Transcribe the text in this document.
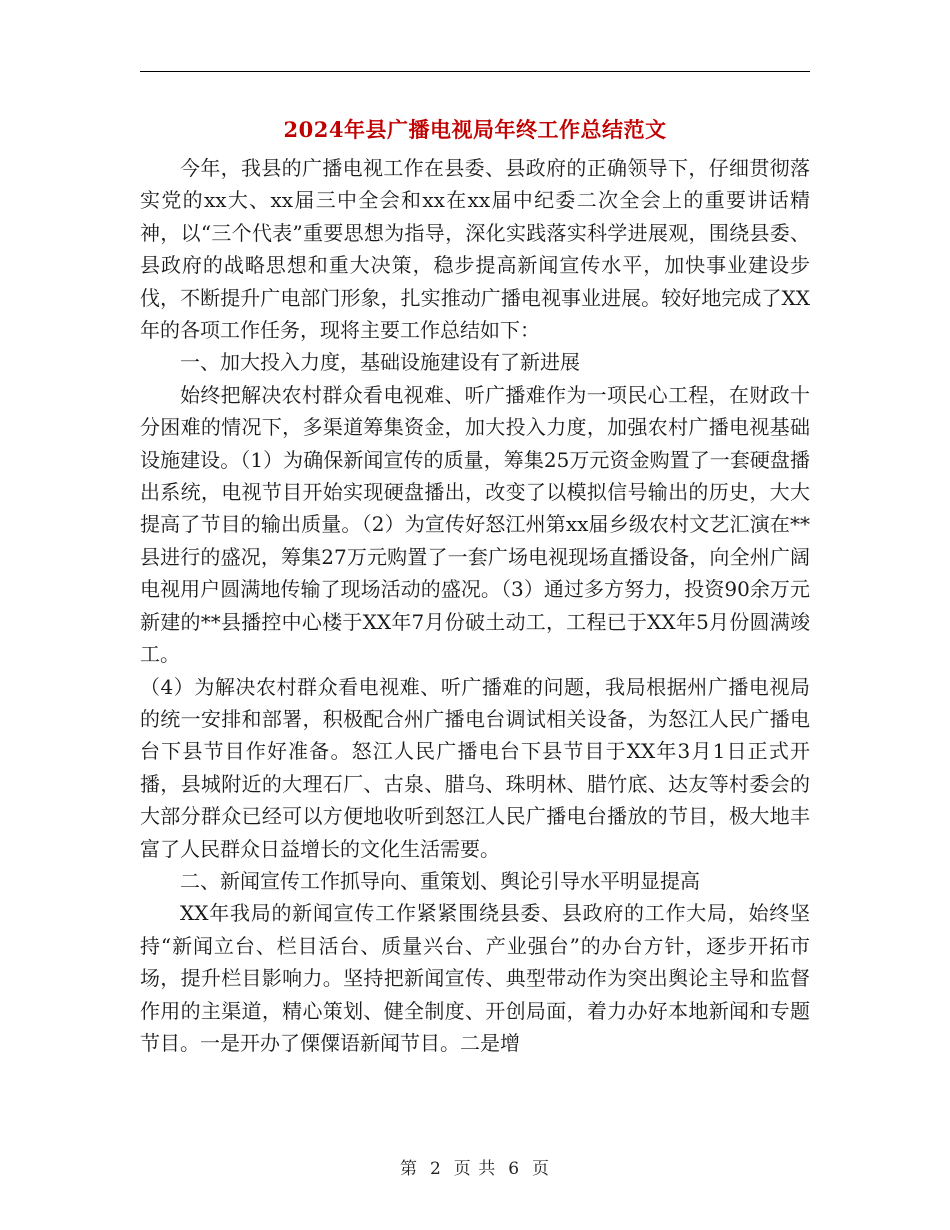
2024年县广播电视局年终工作总结范文

今年，我县的广播电视工作在县委、县政府的正确领导下，仔细贯彻落实党的xx大、xx届三中全会和xx在xx届中纪委二次全会上的重要讲话精神，以“三个代表”重要思想为指导，深化实践落实科学进展观，围绕县委、县政府的战略思想和重大决策，稳步提高新闻宣传水平，加快事业建设步伐，不断提升广电部门形象，扎实推动广播电视事业进展。较好地完成了XX年的各项工作任务，现将主要工作总结如下：

一、加大投入力度，基础设施建设有了新进展

始终把解决农村群众看电视难、听广播难作为一项民心工程，在财政十分困难的情况下，多渠道筹集资金，加大投入力度，加强农村广播电视基础设施建设。（1）为确保新闻宣传的质量，筹集25万元资金购置了一套硬盘播出系统，电视节目开始实现硬盘播出，改变了以模拟信号输出的历史，大大提高了节目的输出质量。（2）为宣传好怒江州第xx届乡级农村文艺汇演在**县进行的盛况，筹集27万元购置了一套广场电视现场直播设备，向全州广阔电视用户圆满地传输了现场活动的盛况。（3）通过多方努力，投资90余万元新建的**县播控中心楼于XX年7月份破土动工，工程已于XX年5月份圆满竣工。

（4）为解决农村群众看电视难、听广播难的问题，我局根据州广播电视局的统一安排和部署，积极配合州广播电台调试相关设备，为怒江人民广播电台下县节目作好准备。怒江人民广播电台下县节目于XX年3月1日正式开播，县城附近的大理石厂、古泉、腊乌、珠明林、腊竹底、达友等村委会的大部分群众已经可以方便地收听到怒江人民广播电台播放的节目，极大地丰富了人民群众日益增长的文化生活需要。

二、新闻宣传工作抓导向、重策划、舆论引导水平明显提高

XX年我局的新闻宣传工作紧紧围绕县委、县政府的工作大局，始终坚持“新闻立台、栏目活台、质量兴台、产业强台”的办台方针，逐步开拓市场，提升栏目影响力。坚持把新闻宣传、典型带动作为突出舆论主导和监督作用的主渠道，精心策划、健全制度、开创局面，着力办好本地新闻和专题节目。一是开办了傈僳语新闻节目。二是增

第 2 页 共 6 页
